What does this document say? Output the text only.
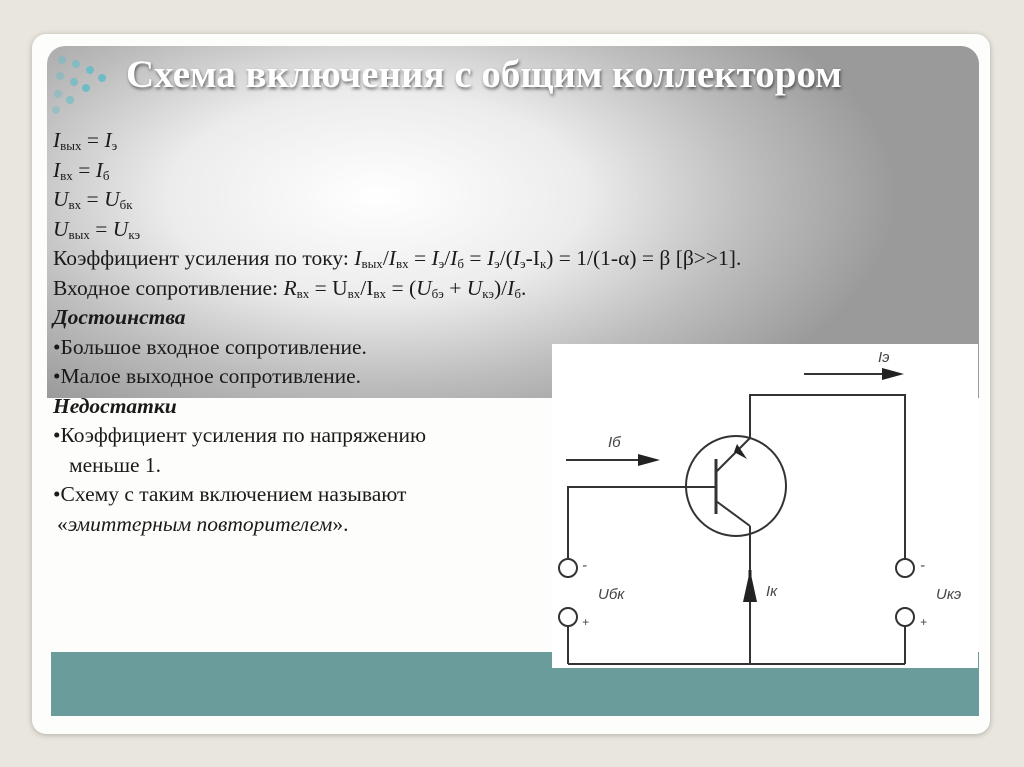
Схема включения с общим коллектором
$I_{вых} = I_э$
$I_{вх} = I_б$
$U_{вх} = U_{бк}$
$U_{вых} = U_{кэ}$
Коэффициент усиления по току: $I_{вых}/I_{вх} = I_э/I_б = I_э/(I_э-I_к) = 1/(1-\alpha) = \beta$ [β>>1].
Входное сопротивление: $R_{вх} = U_{вх}/I_{вх} = (U_{бэ} + U_{кэ})/I_б$.
Достоинства
•Большое входное сопротивление.
•Малое выходное сопротивление.
Недостатки
•Коэффициент усиления по напряжению
меньше 1.
•Схему с таким включением называют
«эмиттерным повторителем».
Iэ
Iб
Iк
Uбк	Uкэ
-
+
-
+
